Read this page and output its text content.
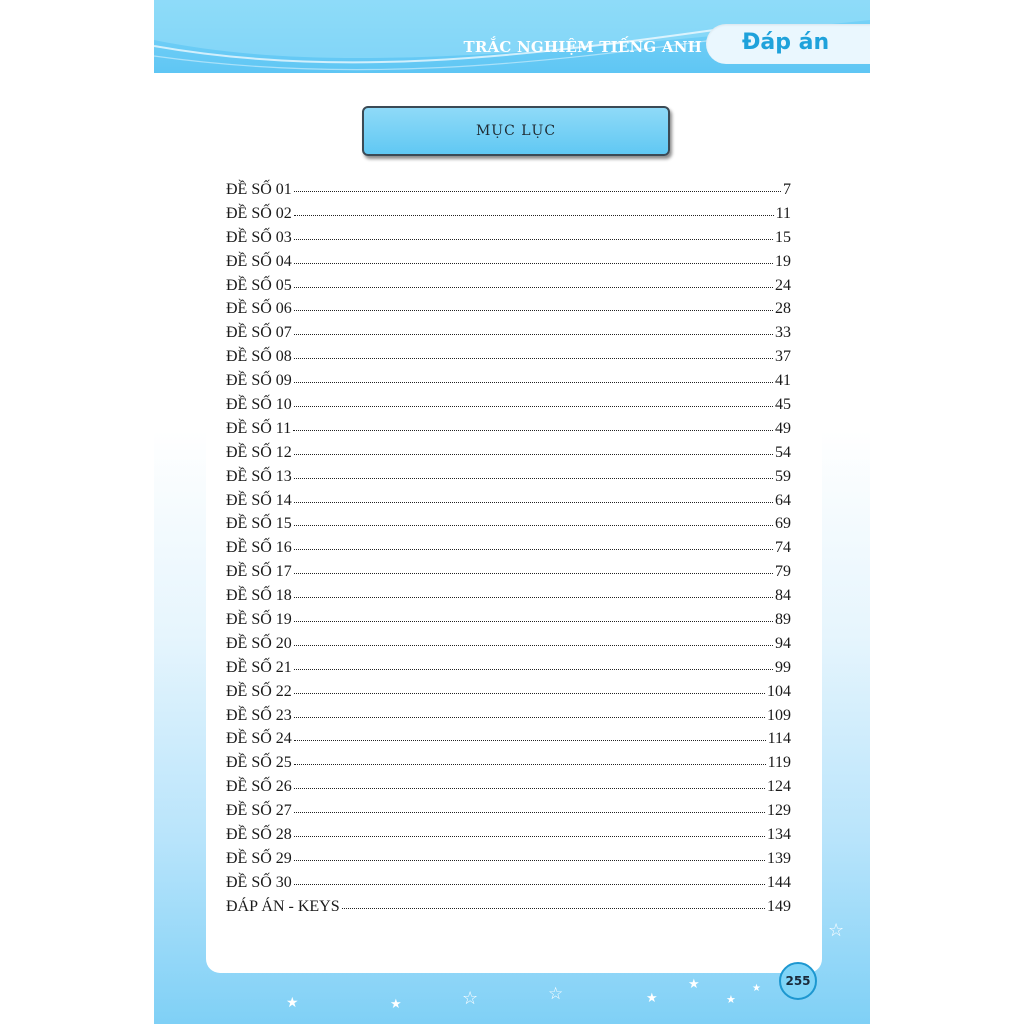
TRẮC NGHIỆM TIẾNG ANH Đáp án
MỤC LỤC
ĐỀ SỐ 01	7
ĐỀ SỐ 02	11
ĐỀ SỐ 03	15
ĐỀ SỐ 04	19
ĐỀ SỐ 05	24
ĐỀ SỐ 06	28
ĐỀ SỐ 07	33
ĐỀ SỐ 08	37
ĐỀ SỐ 09	41
ĐỀ SỐ 10	45
ĐỀ SỐ 11	49
ĐỀ SỐ 12	54
ĐỀ SỐ 13	59
ĐỀ SỐ 14	64
ĐỀ SỐ 15	69
ĐỀ SỐ 16	74
ĐỀ SỐ 17	79
ĐỀ SỐ 18	84
ĐỀ SỐ 19	89
ĐỀ SỐ 20	94
ĐỀ SỐ 21	99
ĐỀ SỐ 22	104
ĐỀ SỐ 23	109
ĐỀ SỐ 24	114
ĐỀ SỐ 25	119
ĐỀ SỐ 26	124
ĐỀ SỐ 27	129
ĐỀ SỐ 28	134
ĐỀ SỐ 29	139
ĐỀ SỐ 30	144
ĐÁP ÁN - KEYS	149
255
☆
★	★	☆	☆	★
★
★
★
